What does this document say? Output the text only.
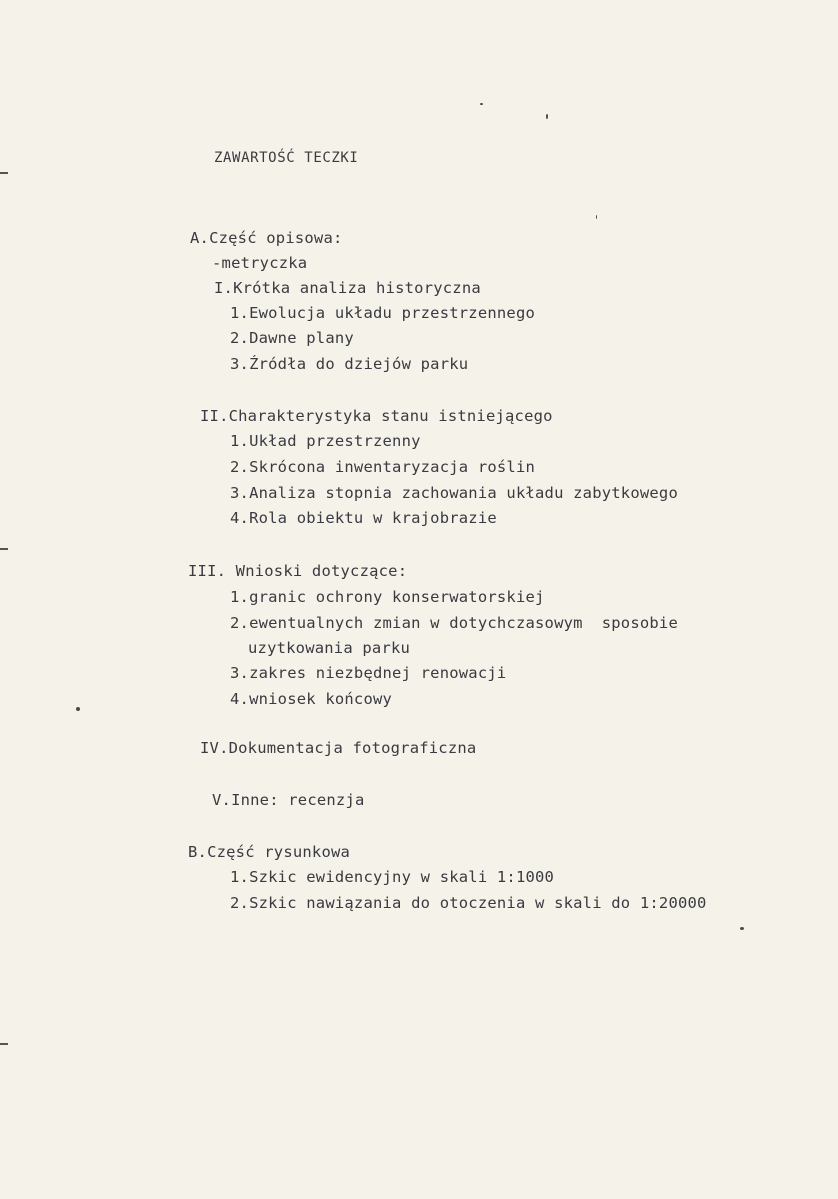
ZAWARTOŚĆ TECZKI
A.Część opisowa:
-metryczka
I.Krótka analiza historyczna
1.Ewolucja układu przestrzennego
2.Dawne plany
3.Źródła do dziejów parku
II.Charakterystyka stanu istniejącego
1.Układ przestrzenny
2.Skrócona inwentaryzacja roślin
3.Analiza stopnia zachowania układu zabytkowego
4.Rola obiektu w krajobrazie
III. Wnioski dotyczące:
1.granic ochrony konserwatorskiej
2.ewentualnych zmian w dotychczasowym  sposobie
uzytkowania parku
3.zakres niezbędnej renowacji
4.wniosek końcowy
IV.Dokumentacja fotograficzna
V.Inne: recenzja
B.Część rysunkowa
1.Szkic ewidencyjny w skali 1:1000
2.Szkic nawiązania do otoczenia w skali do 1:20000
